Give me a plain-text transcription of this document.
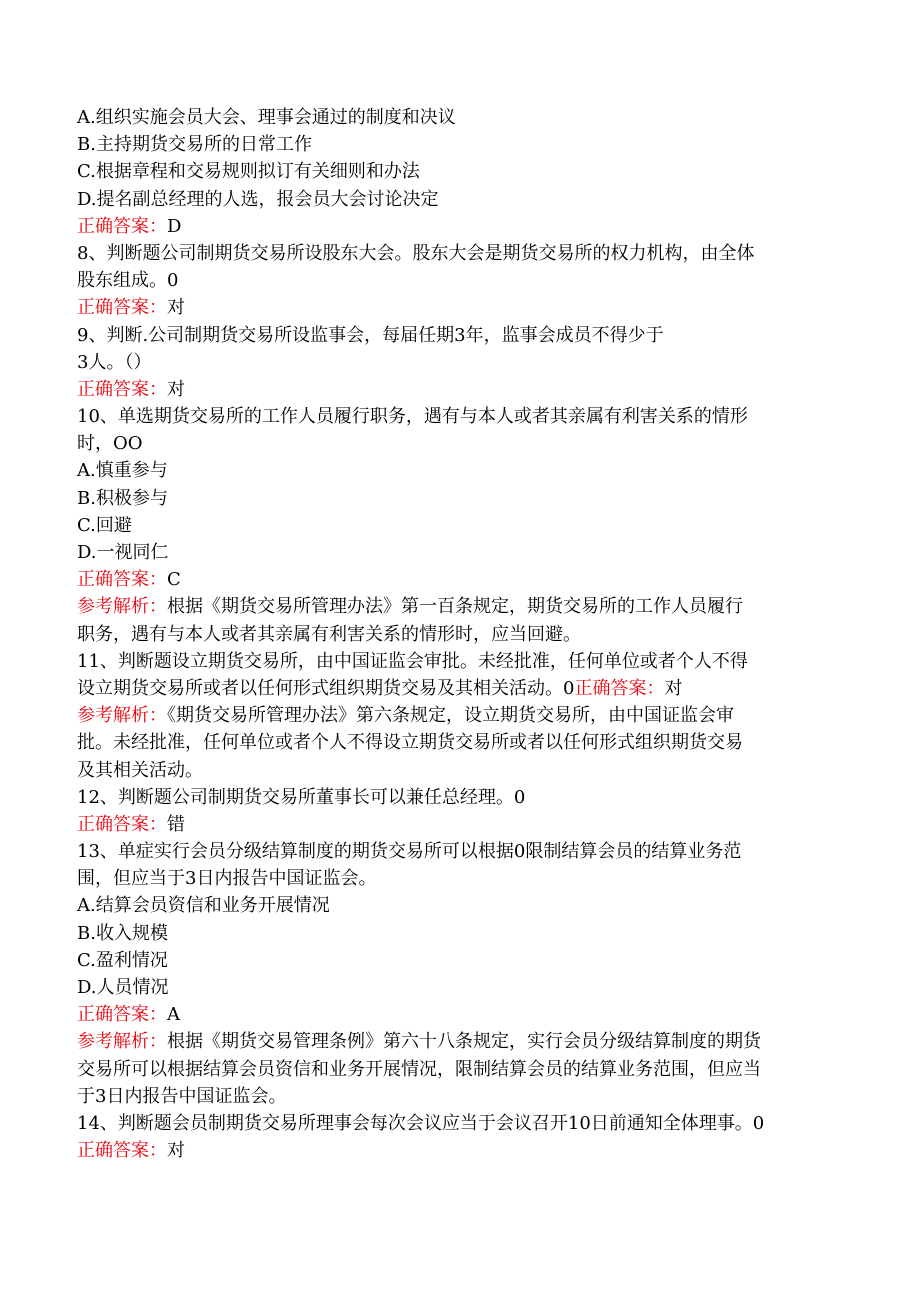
A.组织实施会员大会、理事会通过的制度和决议
B.主持期货交易所的日常工作
C.根据章程和交易规则拟订有关细则和办法
D.提名副总经理的人选，报会员大会讨论决定
正确答案：D
8、判断题公司制期货交易所设股东大会。股东大会是期货交易所的权力机构，由全体
股东组成。0
正确答案：对
9、判断.公司制期货交易所设监事会，每届任期3年，监事会成员不得少于
3人。（）
正确答案：对
10、单选期货交易所的工作人员履行职务，遇有与本人或者其亲属有利害关系的情形
时，OO
A.慎重参与
B.积极参与
C.回避
D.一视同仁
正确答案：C
参考解析：根据《期货交易所管理办法》第一百条规定，期货交易所的工作人员履行
职务，遇有与本人或者其亲属有利害关系的情形时，应当回避。
11、判断题设立期货交易所，由中国证监会审批。未经批准，任何单位或者个人不得
设立期货交易所或者以任何形式组织期货交易及其相关活动。0正确答案：对
参考解析：《期货交易所管理办法》第六条规定，设立期货交易所，由中国证监会审
批。未经批准，任何单位或者个人不得设立期货交易所或者以任何形式组织期货交易
及其相关活动。
12、判断题公司制期货交易所董事长可以兼任总经理。0
正确答案：错
13、单症实行会员分级结算制度的期货交易所可以根据0限制结算会员的结算业务范
围，但应当于3日内报告中国证监会。
A.结算会员资信和业务开展情况
B.收入规模
C.盈利情况
D.人员情况
正确答案：A
参考解析：根据《期货交易管理条例》第六十八条规定，实行会员分级结算制度的期货
交易所可以根据结算会员资信和业务开展情况，限制结算会员的结算业务范围，但应当
于3日内报告中国证监会。
14、判断题会员制期货交易所理事会每次会议应当于会议召开10日前通知全体理事。0
正确答案：对
